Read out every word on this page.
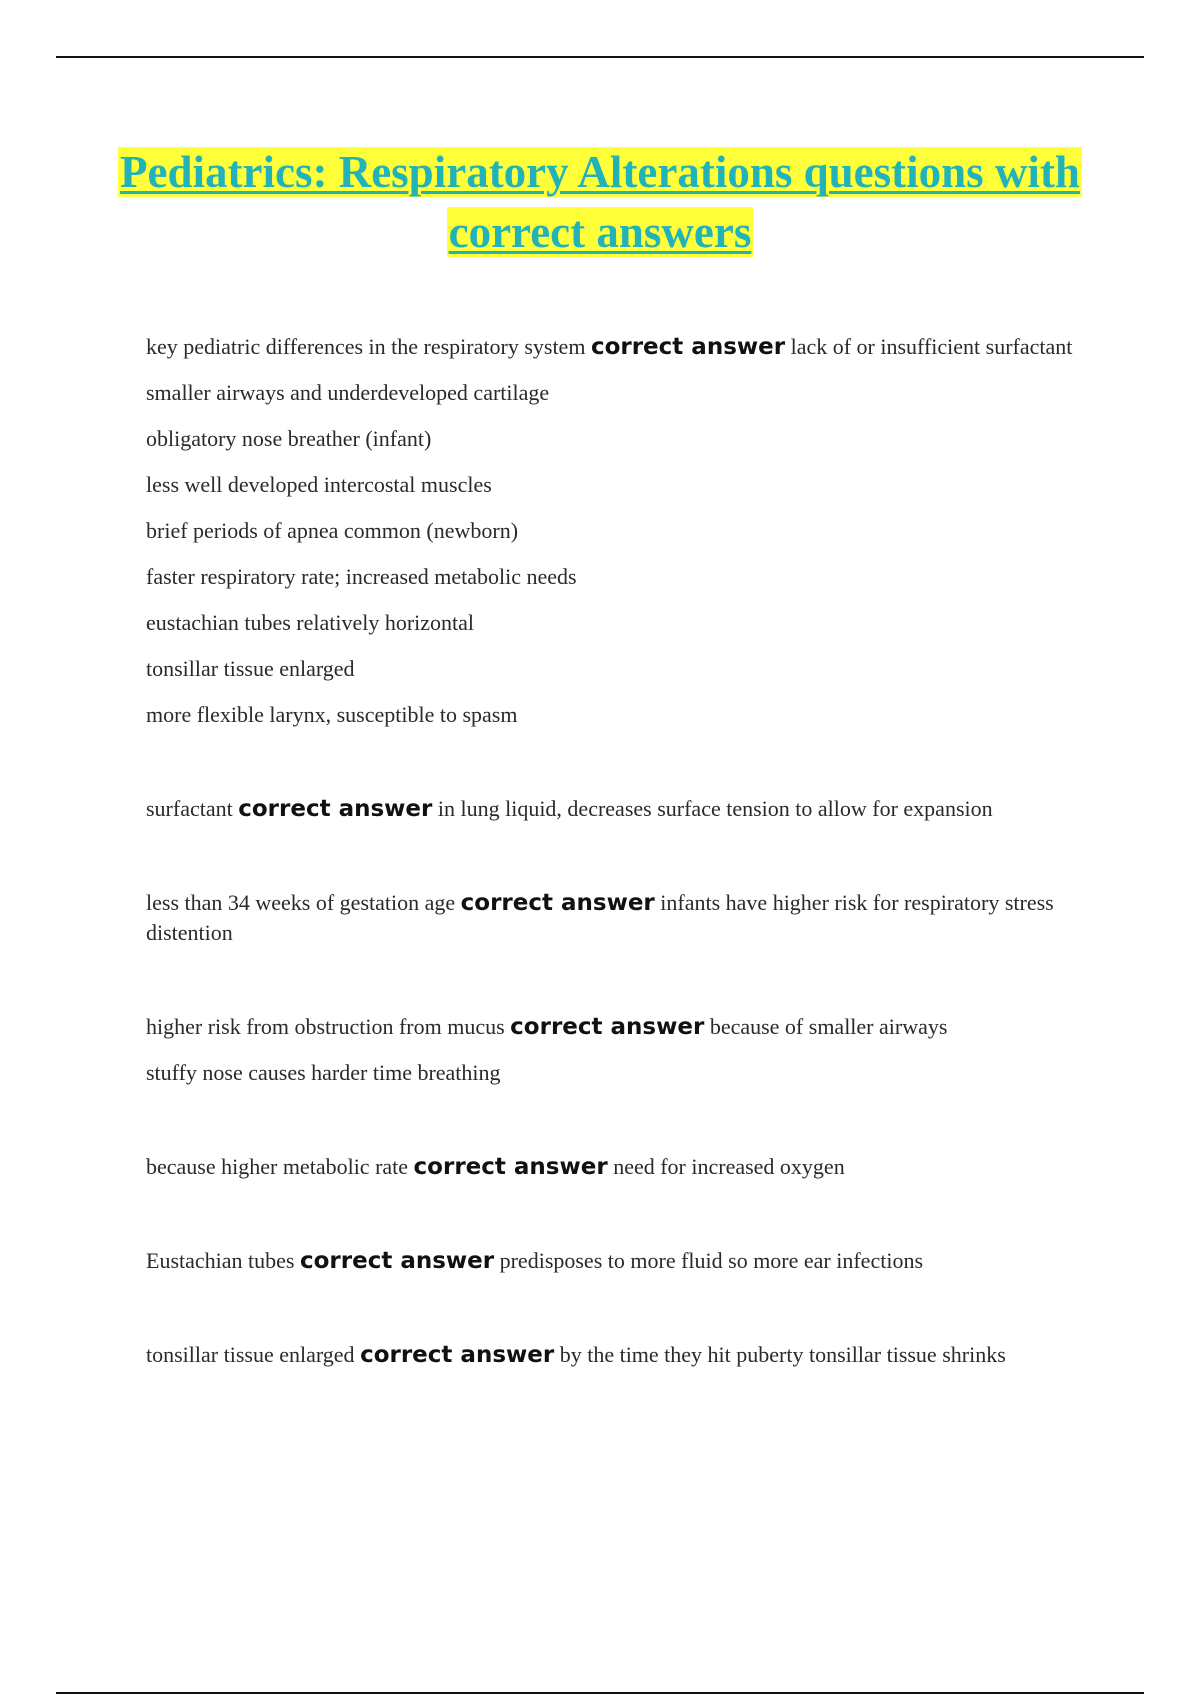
Pediatrics: Respiratory Alterations questions with correct answers
key pediatric differences in the respiratory system correct answer lack of or insufficient surfactant

smaller airways and underdeveloped cartilage

obligatory nose breather (infant)

less well developed intercostal muscles

brief periods of apnea common (newborn)

faster respiratory rate; increased metabolic needs

eustachian tubes relatively horizontal

tonsillar tissue enlarged

more flexible larynx, susceptible to spasm

surfactant correct answer in lung liquid, decreases surface tension to allow for expansion
less than 34 weeks of gestation age correct answer infants have higher risk for respiratory stress distention
higher risk from obstruction from mucus correct answer because of smaller airways

stuffy nose causes harder time breathing

because higher metabolic rate correct answer need for increased oxygen
Eustachian tubes correct answer predisposes to more fluid so more ear infections
tonsillar tissue enlarged correct answer by the time they hit puberty tonsillar tissue shrinks
